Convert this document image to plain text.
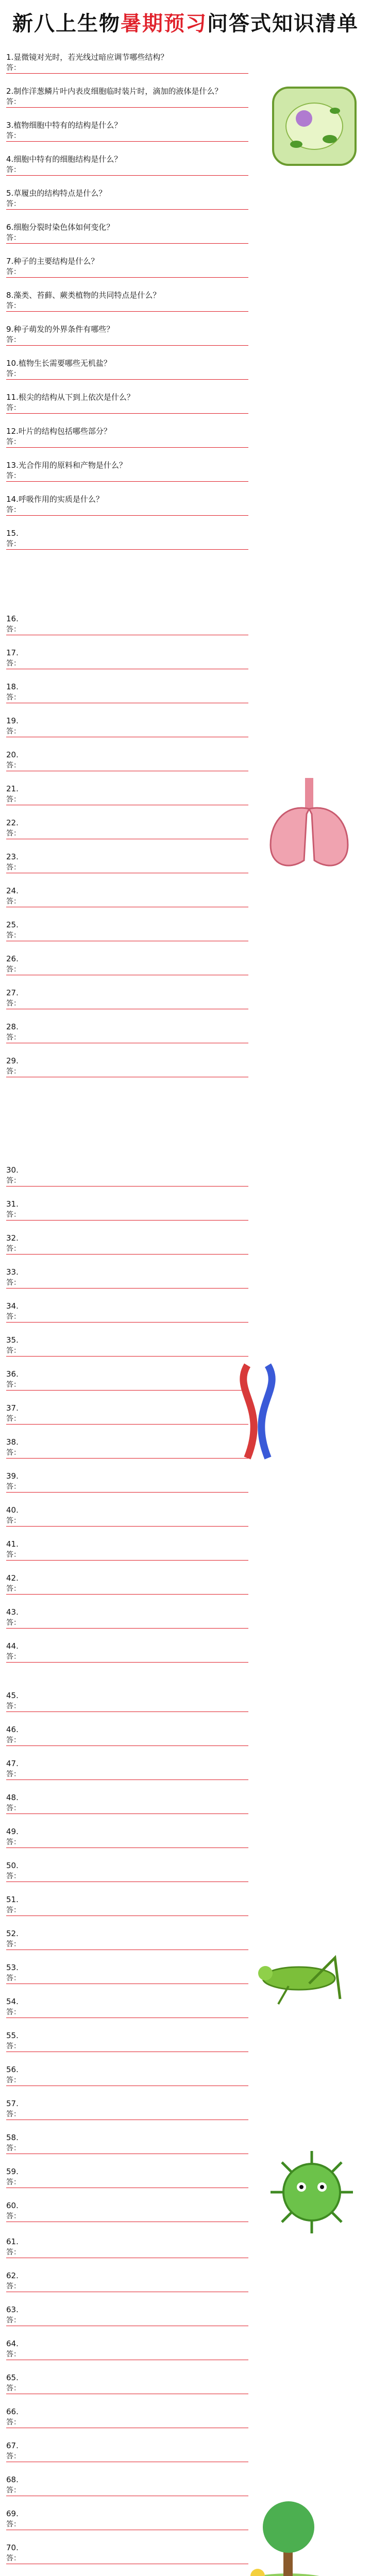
新八上生物暑期预习问答式知识清单
1.显微镜对光时，若光线过暗应调节哪些结构？
答：
2.制作洋葱鳞片叶内表皮细胞临时装片时，滴加的液体是什么？
答：
3.植物细胞中特有的结构是什么？
答：
4.细胞中特有的细胞结构是什么？
答：
5.草履虫的结构特点是什么？
答：
6.细胞分裂时染色体如何变化？
答：
7.种子的主要结构是什么？
答：
8.藻类、苔藓、蕨类植物的共同特点是什么？
答：
9.种子萌发的外界条件有哪些？
答：
10.植物生长需要哪些无机盐？
答：
11.根尖的结构从下到上依次是什么？
答：
12.叶片的结构包括哪些部分？
答：
13.光合作用的原料和产物是什么？
答：
14.呼吸作用的实质是什么？
答：
15.
答：
16.
答：
17.
答：
18.
答：
19.
答：
20.
答：
21.
答：
22.
答：
23.
答：
24.
答：
25.
答：
26.
答：
27.
答：
28.
答：
29.
答：
30.
答：
31.
答：
32.
答：
33.
答：
34.
答：
35.
答：
36.
答：
37.
答：
38.
答：
39.
答：
40.
答：
41.
答：
42.
答：
43.
答：
44.
答：
45.
答：
46.
答：
47.
答：
48.
答：
49.
答：
50.
答：
51.
答：
52.
答：
53.
答：
54.
答：
55.
答：
56.
答：
57.
答：
58.
答：
59.
答：
60.
答：
61.
答：
62.
答：
63.
答：
64.
答：
65.
答：
66.
答：
67.
答：
68.
答：
69.
答：
70.
答：
